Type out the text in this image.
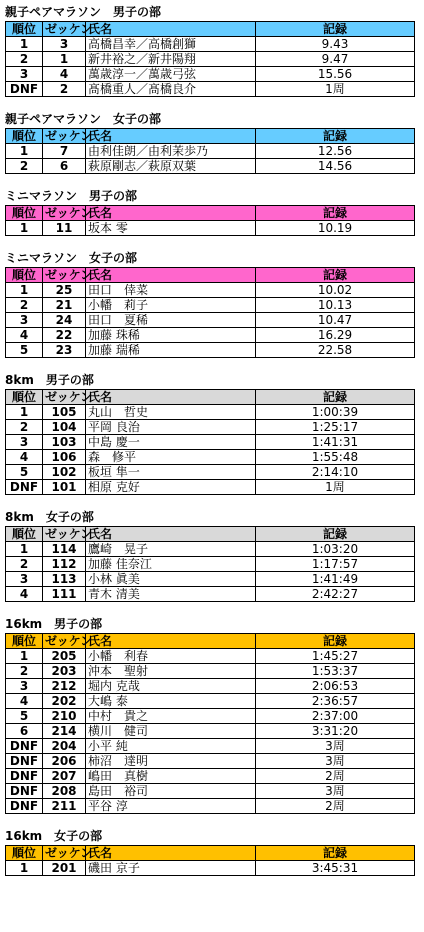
親子ペアマラソン　男子の部
順位	ゼッケン	氏名	記録
1	3	高橋昌幸／高橋創獅	9.43
2	1	新井裕之／新井陽翔	9.47
3	4	萬歳淳一／萬歳弓弦	15.56
DNF	2	髙橋重人／髙橋良介	1周
親子ペアマラソン　女子の部
順位	ゼッケン	氏名	記録
1	7	由利佳朗／由利茉歩乃	12.56
2	6	萩原剛志／萩原双葉	14.56
ミニマラソン　男子の部
順位	ゼッケン	氏名	記録
1	11	坂本 零	10.19
ミニマラソン　女子の部
順位	ゼッケン	氏名	記録
1	25	田口　倖菜	10.02
2	21	小幡　莉子	10.13
3	24	田口　夏稀	10.47
4	22	加藤 珠稀	16.29
5	23	加藤 瑞稀	22.58
8km　男子の部
順位	ゼッケン	氏名	記録
1	105	丸山　哲史	1:00:39
2	104	平岡 良治	1:25:17
3	103	中島 慶一	1:41:31
4	106	森　修平	1:55:48
5	102	板垣 隼一	2:14:10
DNF	101	相原 克好	1周
8km　女子の部
順位	ゼッケン	氏名	記録
1	114	鷹崎　晃子	1:03:20
2	112	加藤 佳奈江	1:17:57
3	113	小林 眞美	1:41:49
4	111	青木 清美	2:42:27
16km　男子の部
順位	ゼッケン	氏名	記録
1	205	小幡　利春	1:45:27
2	203	沖本　聖射	1:53:37
3	212	堀内 克哉	2:06:53
4	202	大嶋 泰	2:36:57
5	210	中村　貴之	2:37:00
6	214	横川　健司	3:31:20
DNF	204	小平 純	3周
DNF	206	柿沼　達明	3周
DNF	207	嶋田　真樹	2周
DNF	208	島田　裕司	3周
DNF	211	平谷 淳	2周
16km　女子の部
順位	ゼッケン	氏名	記録
1	201	磯田 京子	3:45:31
